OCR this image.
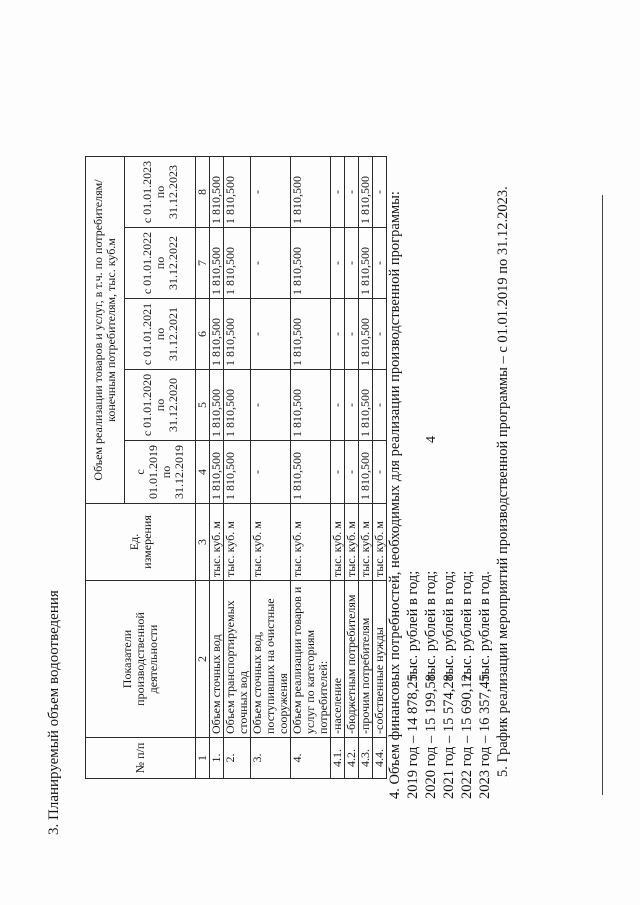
4
3. Планируемый объем водоотведения	№ п/п	Показатели производственной деятельности	Ед. измерения	Объем реализации товаров и услуг, в т.ч. по потребителям/ конечным потребителям, тыс. куб.м				
			с 01.01.2019 по 31.12.2019	с 01.01.2020 по 31.12.2020	с 01.01.2021 по 31.12.2021	с 01.01.2022 по 31.12.2022	с 01.01.2023 по 31.12.2023
1	2	3	4	5	6	7	8
1.	Объем сточных вод	тыс. куб. м	1 810,500	1 810,500	1 810,500	1 810,500	1 810,500
2.	Объем транспортируемых сточных вод	тыс. куб. м	1 810,500	1 810,500	1 810,500	1 810,500	1 810,500
3.	Объем сточных вод, поступивших на очистные сооружения	тыс. куб. м	-	-	-	-	-
4.	Объем реализации товаров и услуг по категориям потребителей:	тыс. куб. м	1 810,500	1 810,500	1 810,500	1 810,500	1 810,500
4.1.	-население	тыс. куб. м	-	-	-	-	-
4.2.	-бюджетным потребителям	тыс. куб. м	-	-	-	-	-
4.3.	-прочим потребителям	тыс. куб. м	1 810,500	1 810,500	1 810,500	1 810,500	1 810,500
4.4.	-собственные нужды	тыс. куб. м	-	-	-	-	- 4. Объем финансовых потребностей, необходимых для реализации производственной программы: 2019 год – 14 878,25тыс. рублей в год;
2020 год – 15 199,58тыс. рублей в год;
2021 год – 15 574,28тыс. рублей в год;
2022 год – 15 690,12тыс. рублей в год;
2023 год – 16 357,45тыс. рублей в год. 5. График реализации мероприятий производственной программы – с 01.01.2019 по 31.12.2023.
